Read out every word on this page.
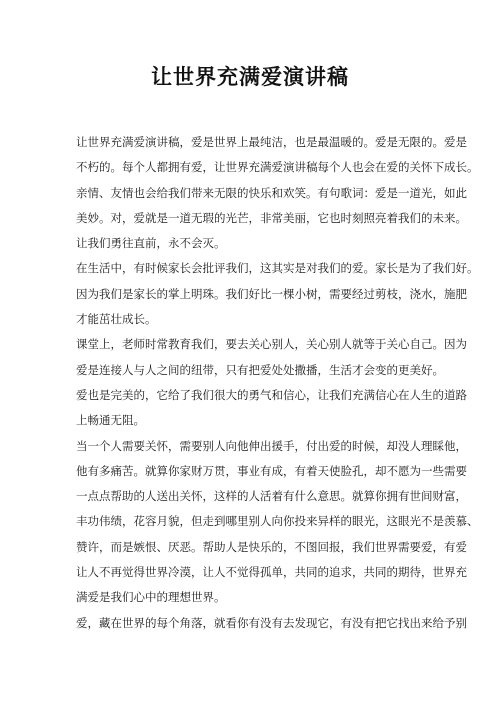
让世界充满爱演讲稿
让世界充满爱演讲稿，爱是世界上最纯洁，也是最温暖的。爱是无限的。爱是
不朽的。每个人都拥有爱，让世界充满爱演讲稿每个人也会在爱的关怀下成长。
亲情、友情也会给我们带来无限的快乐和欢笑。有句歌词：爱是一道光，如此
美妙。对，爱就是一道无瑕的光芒，非常美丽，它也时刻照亮着我们的未来。
让我们勇往直前，永不会灭。
在生活中，有时候家长会批评我们，这其实是对我们的爱。家长是为了我们好。
因为我们是家长的掌上明珠。我们好比一棵小树，需要经过剪枝，浇水，施肥
才能茁壮成长。
课堂上，老师时常教育我们，要去关心别人，关心别人就等于关心自己。因为
爱是连接人与人之间的纽带，只有把爱处处撒播，生活才会变的更美好。
爱也是完美的，它给了我们很大的勇气和信心，让我们充满信心在人生的道路
上畅通无阻。
当一个人需要关怀，需要别人向他伸出援手，付出爱的时候，却没人理睬他，
他有多痛苦。就算你家财万贯，事业有成，有着天使脸孔，却不愿为一些需要
一点点帮助的人送出关怀，这样的人活着有什么意思。就算你拥有世间财富，
丰功伟绩，花容月貌，但走到哪里别人向你投来异样的眼光，这眼光不是羡慕、
赞许，而是嫉恨、厌恶。帮助人是快乐的，不图回报，我们世界需要爱，有爱
让人不再觉得世界冷漠，让人不觉得孤单，共同的追求，共同的期待，世界充
满爱是我们心中的理想世界。
爱，藏在世界的每个角落，就看你有没有去发现它，有没有把它找出来给予别
